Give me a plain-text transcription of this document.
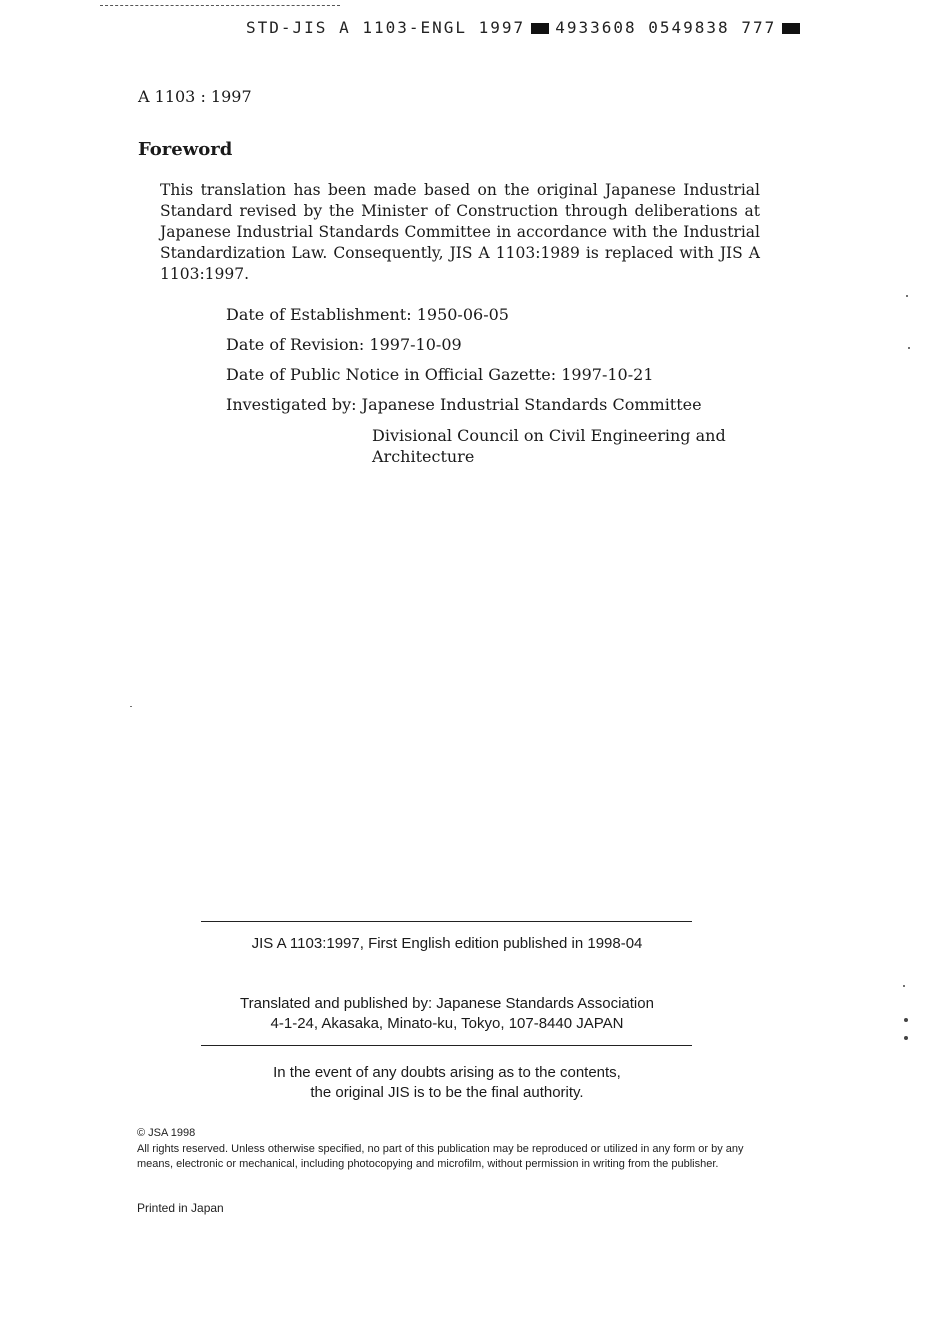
STD-JIS A 1103-ENGL 1997 4933608 0549838 777

A 1103 : 1997

Foreword

This translation has been made based on the original Japanese Industrial Standard revised by the Minister of Construction through deliberations at Japanese Industrial Standards Committee in accordance with the Industrial Standardization Law. Consequently, JIS A 1103:1989 is replaced with JIS A 1103:1997.

Date of Establishment: 1950-06-05

Date of Revision: 1997-10-09

Date of Public Notice in Official Gazette: 1997-10-21

Investigated by: Japanese Industrial Standards Committee

Divisional Council on Civil Engineering and Architecture

JIS A 1103:1997, First English edition published in 1998-04
Translated and published by: Japanese Standards Association
4-1-24, Akasaka, Minato-ku, Tokyo, 107-8440 JAPAN
In the event of any doubts arising as to the contents,
the original JIS is to be the final authority.

© JSA 1998

All rights reserved. Unless otherwise specified, no part of this publication may be reproduced or utilized in any form or by any means, electronic or mechanical, including photocopying and microfilm, without permission in writing from the publisher.

Printed in Japan
